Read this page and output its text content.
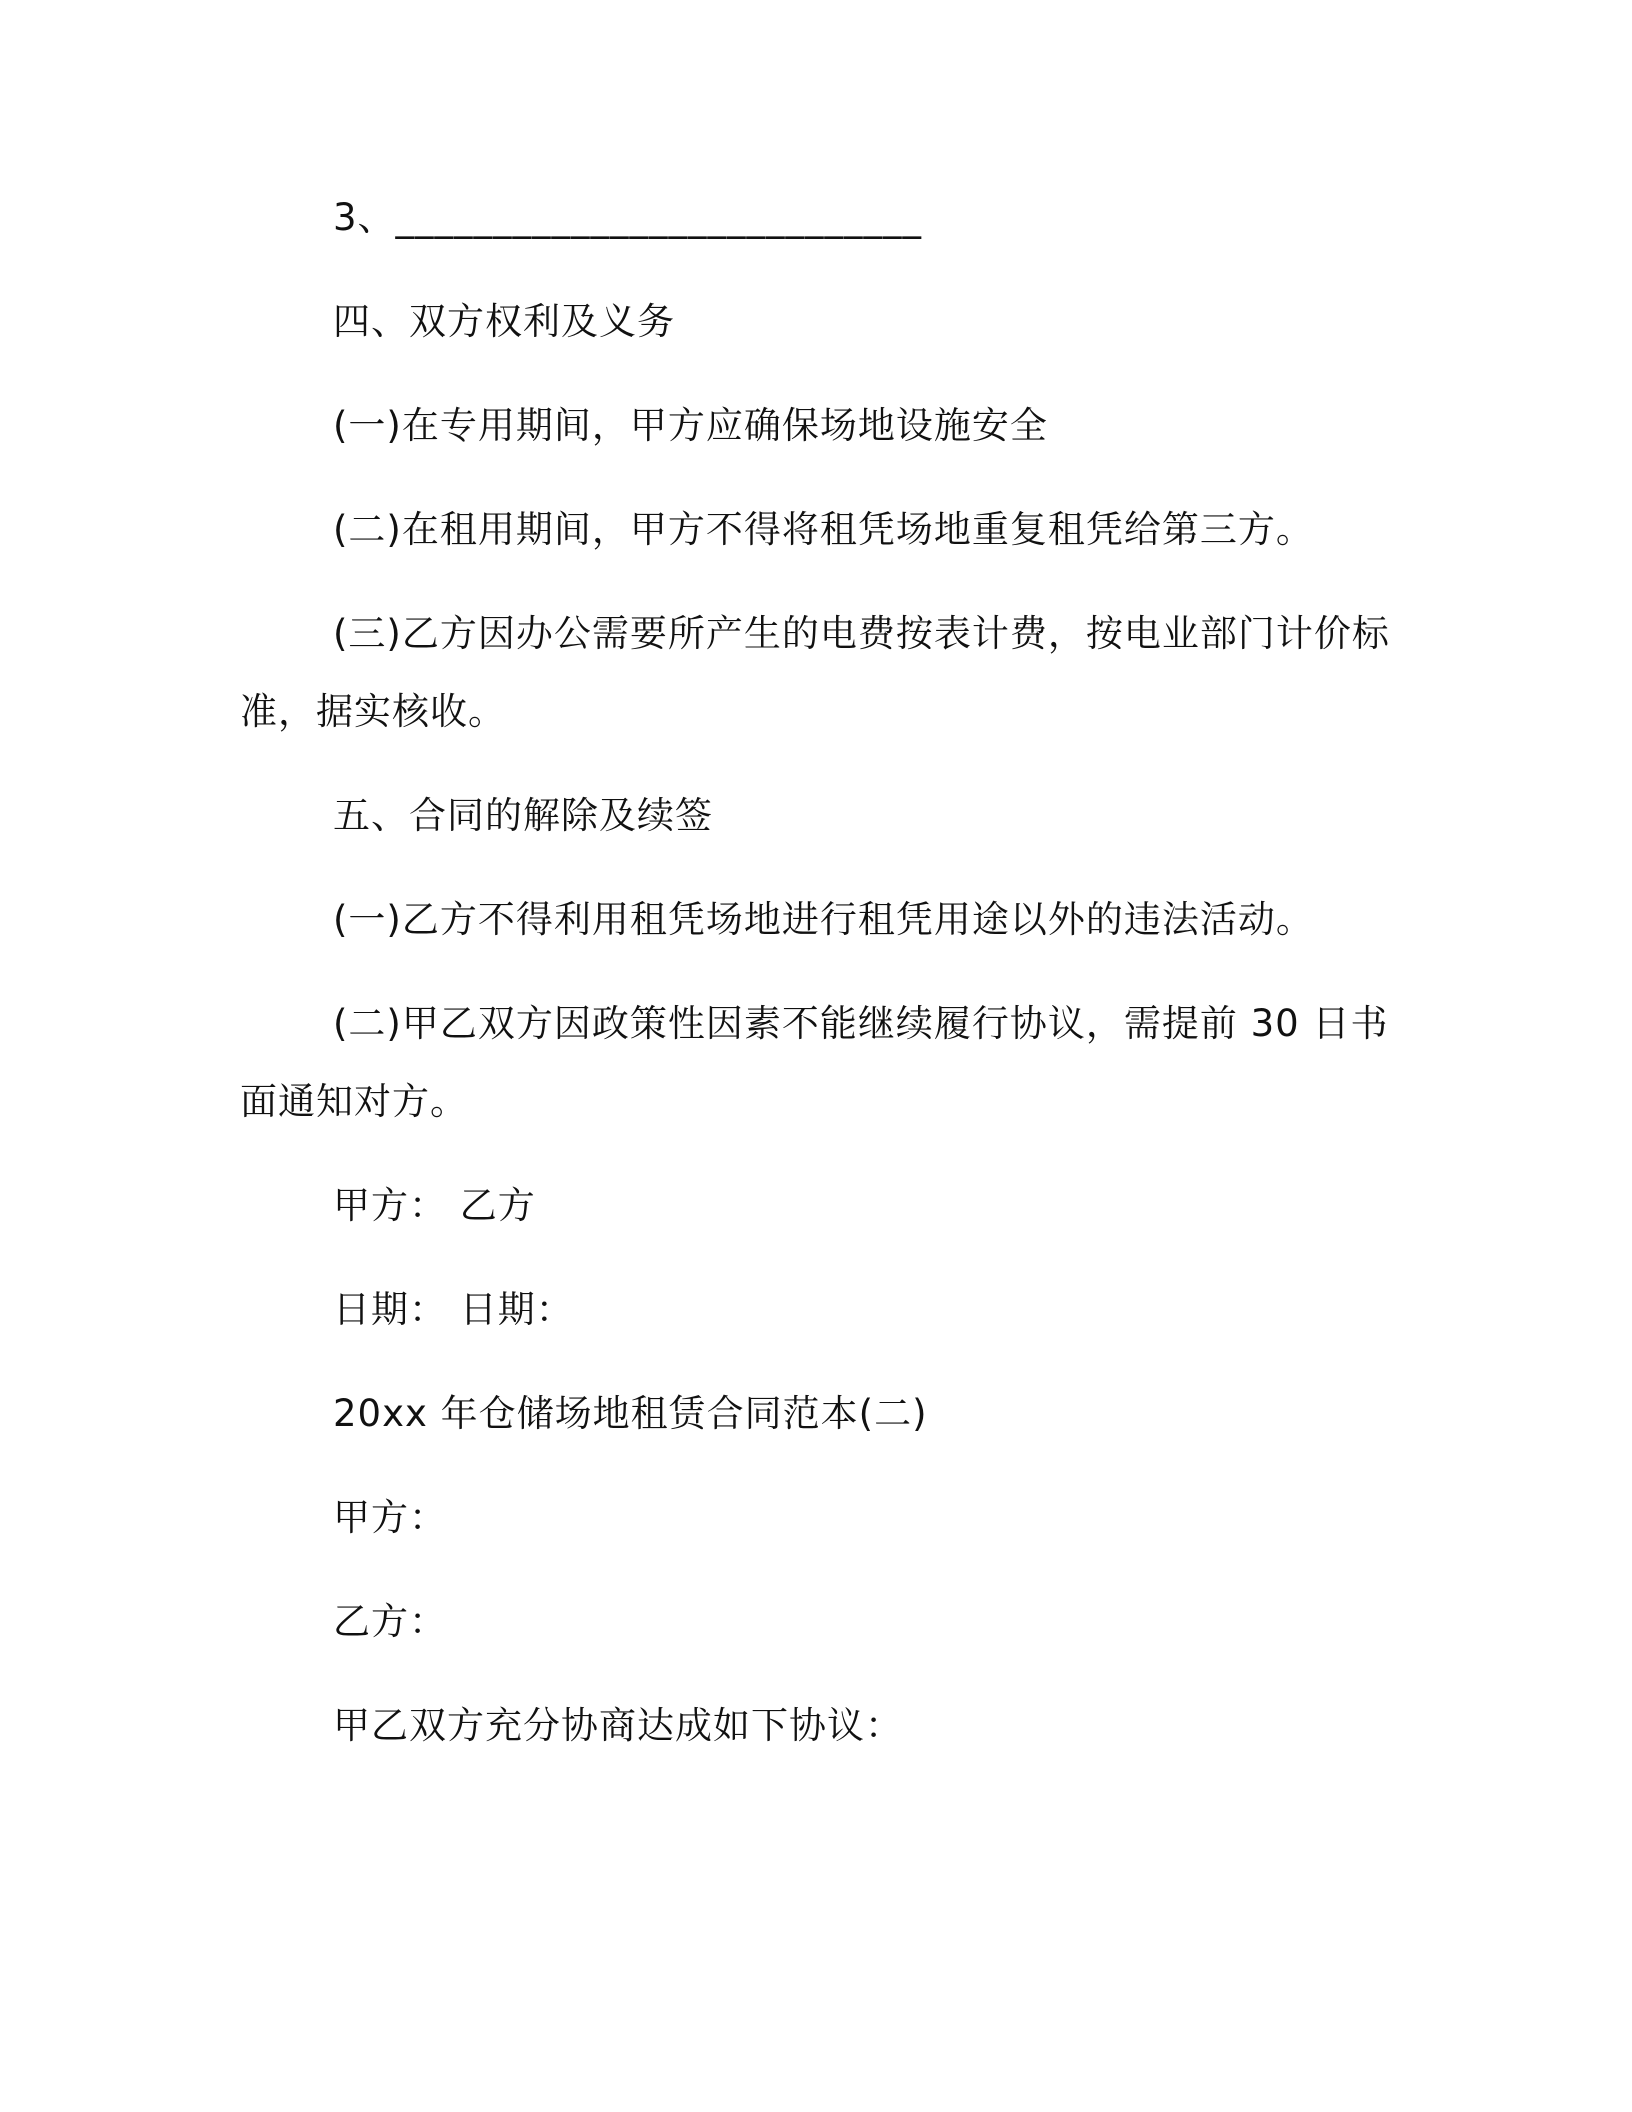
3、___________________________
四、双方权利及义务
(一)在专用期间，甲方应确保场地设施安全
(二)在租用期间，甲方不得将租凭场地重复租凭给第三方。
(三)乙方因办公需要所产生的电费按表计费，按电业部门计价标
准，据实核收。
五、合同的解除及续签
(一)乙方不得利用租凭场地进行租凭用途以外的违法活动。
(二)甲乙双方因政策性因素不能继续履行协议，需提前 30 日书
面通知对方。
甲方： 乙方
日期： 日期：
20xx 年仓储场地租赁合同范本(二)
甲方：
乙方：
甲乙双方充分协商达成如下协议：
